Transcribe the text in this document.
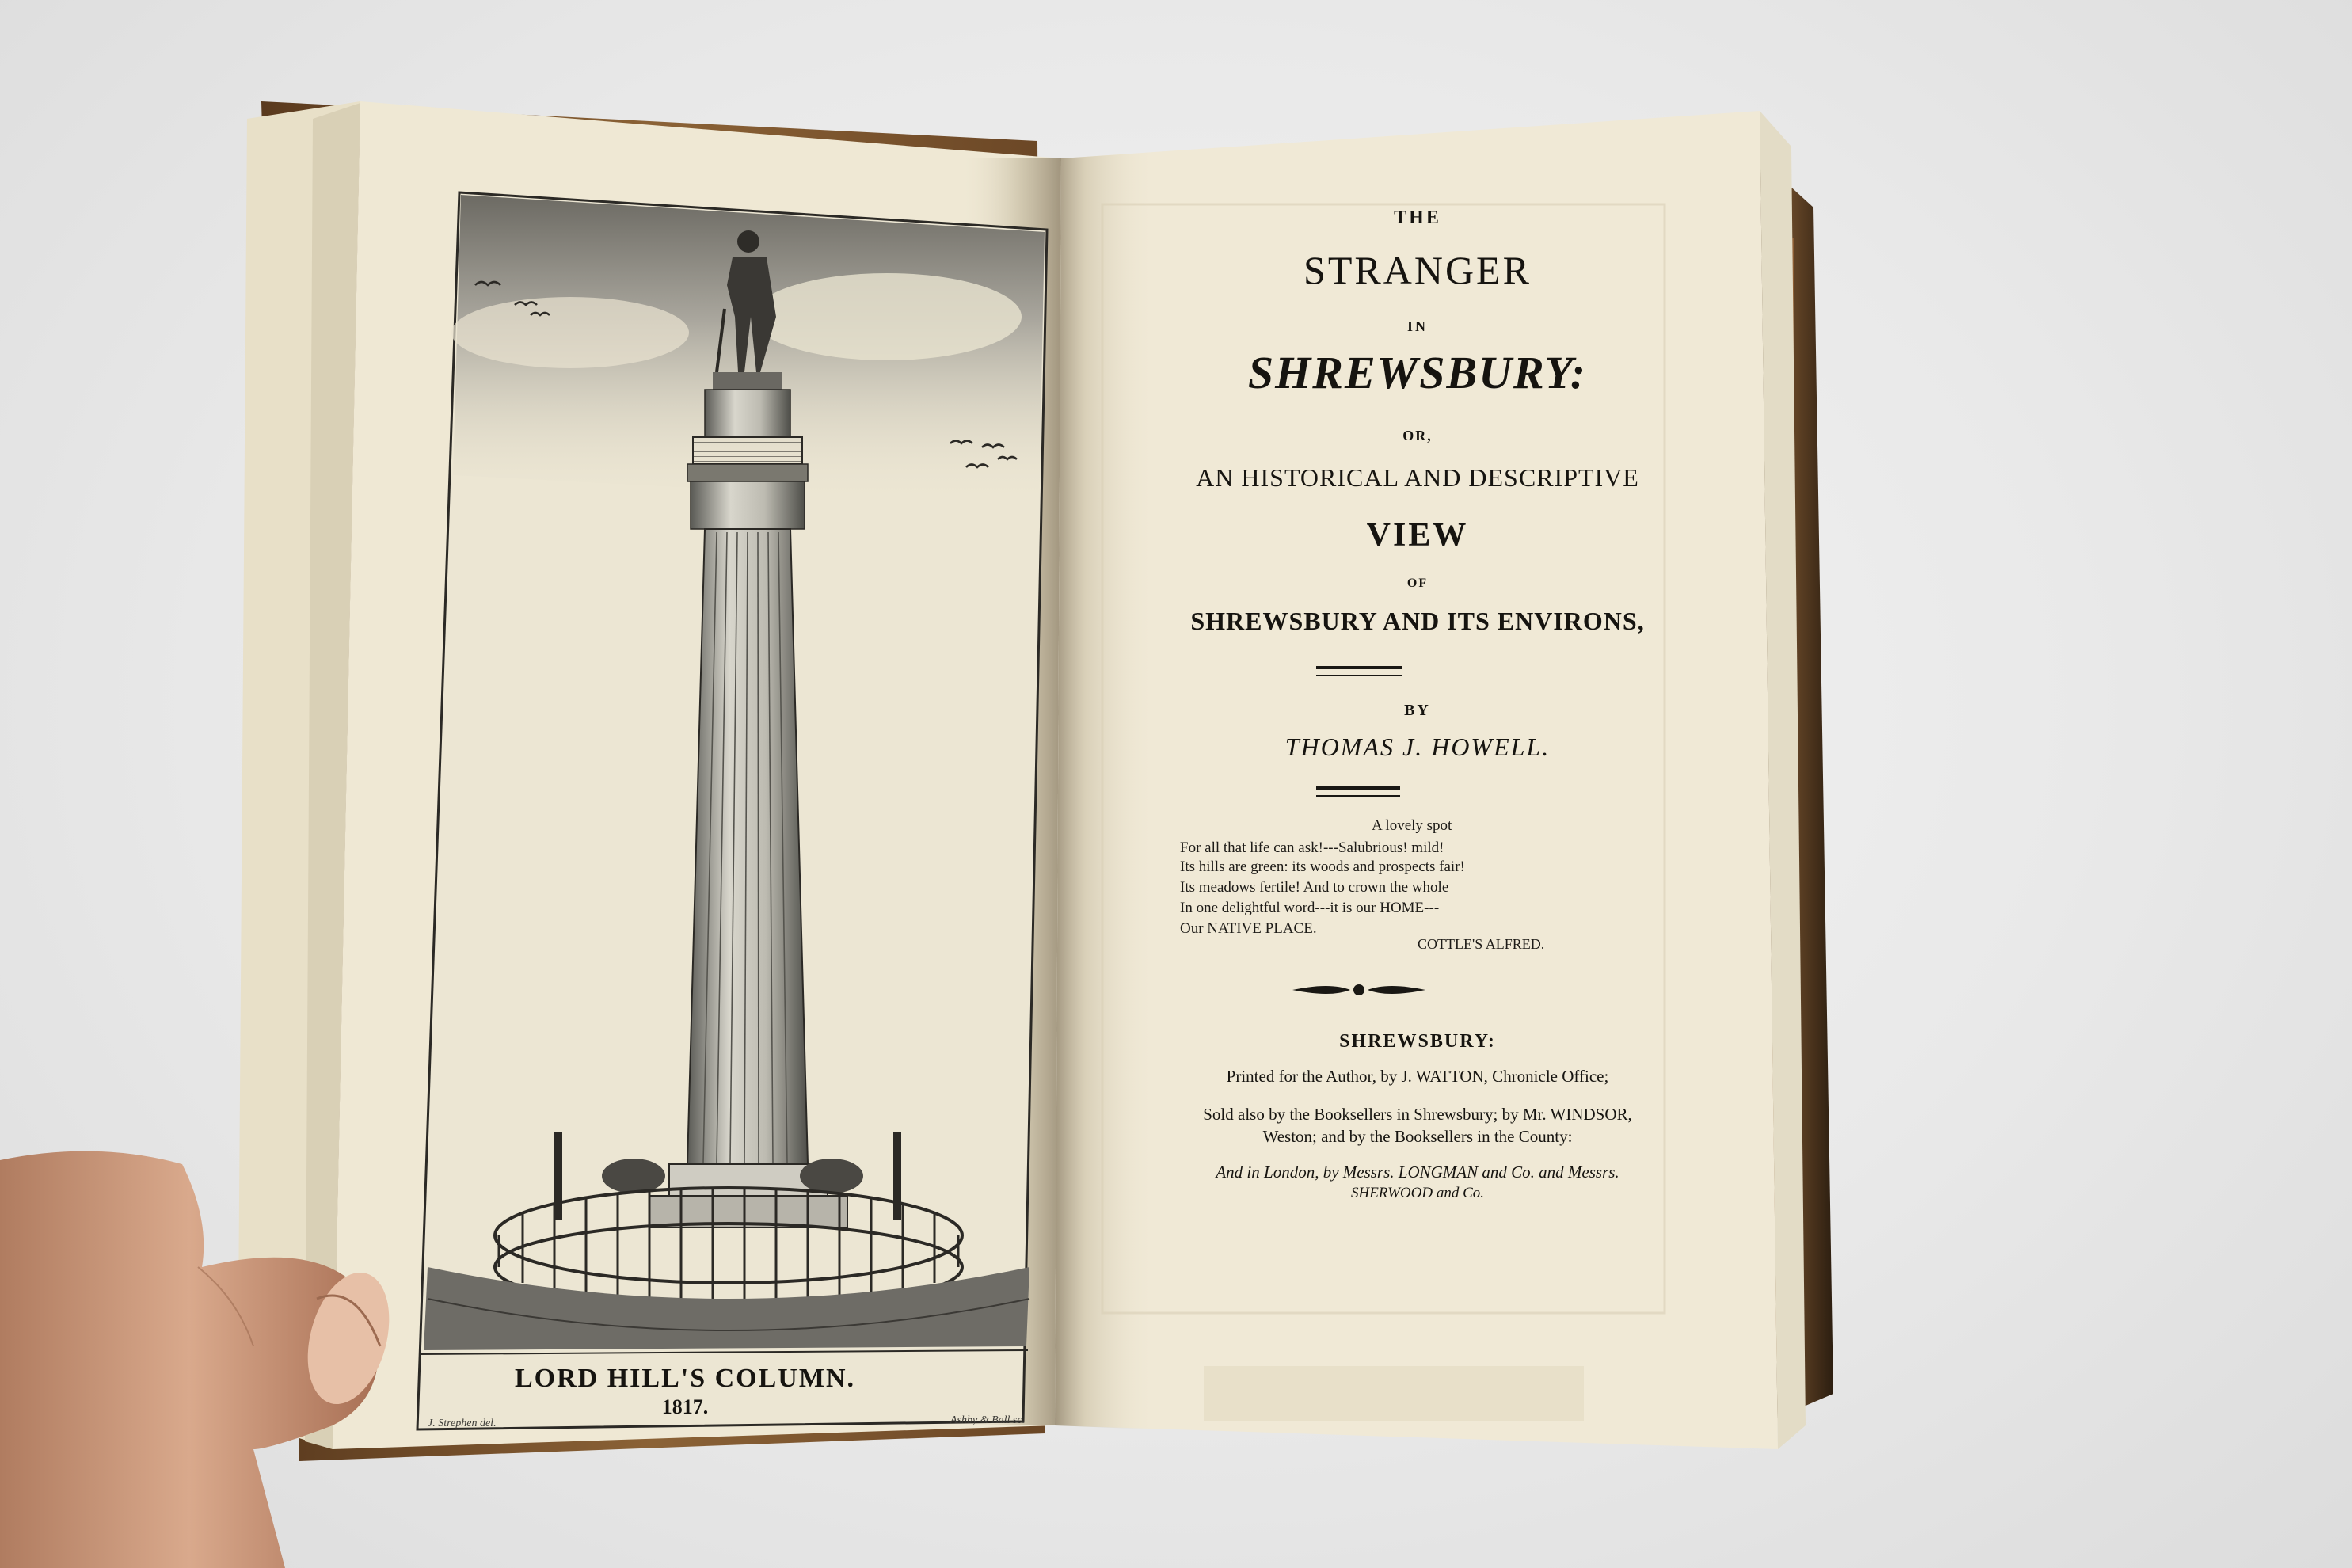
LORD HILL'S COLUMN.
1817.
J. Strephen del.	Ashby & Ball sc.
THE
STRANGER
IN
SHREWSBURY:
OR,
AN HISTORICAL AND DESCRIPTIVE
VIEW
OF
SHREWSBURY AND ITS ENVIRONS,
BY
THOMAS J. HOWELL.
A lovely spot
For all that life can ask!---Salubrious! mild!
Its hills are green: its woods and prospects fair!
Its meadows fertile! And to crown the whole
In one delightful word---it is our HOME---
Our NATIVE PLACE.
COTTLE'S ALFRED.
SHREWSBURY:
Printed for the Author, by J. WATTON, Chronicle Office;
Sold also by the Booksellers in Shrewsbury; by Mr. WINDSOR,
Weston; and by the Booksellers in the County:
And in London, by Messrs. LONGMAN and Co. and Messrs.
SHERWOOD and Co.
